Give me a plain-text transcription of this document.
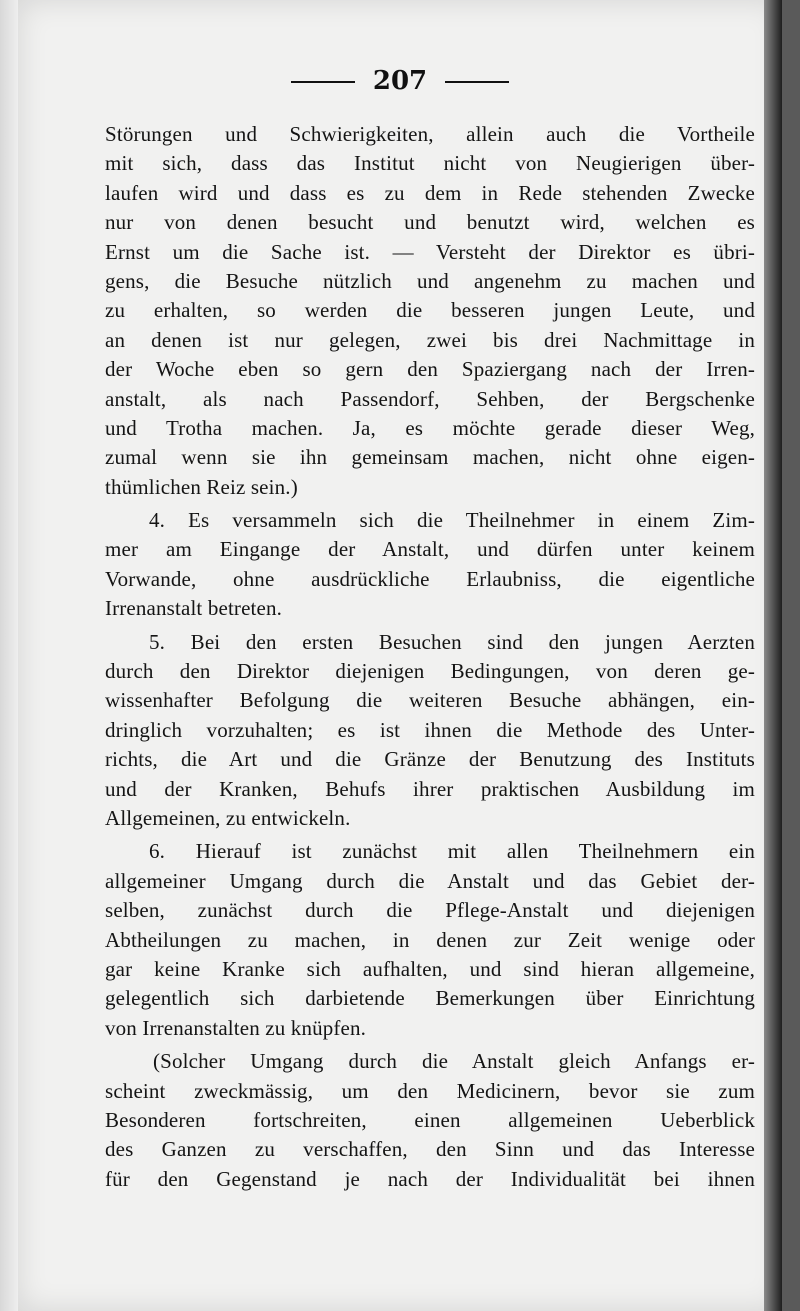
207
Störungen und Schwierigkeiten, allein auch die Vortheile
mit sich, dass das Institut nicht von Neugierigen über-
laufen wird und dass es zu dem in Rede stehenden Zwecke
nur von denen besucht und benutzt wird, welchen es
Ernst um die Sache ist. — Versteht der Direktor es übri-
gens, die Besuche nützlich und angenehm zu machen und
zu erhalten, so werden die besseren jungen Leute, und
an denen ist nur gelegen, zwei bis drei Nachmittage in
der Woche eben so gern den Spaziergang nach der Irren-
anstalt, als nach Passendorf, Sehben, der Bergschenke
und Trotha machen. Ja, es möchte gerade dieser Weg,
zumal wenn sie ihn gemeinsam machen, nicht ohne eigen-
thümlichen Reiz sein.)
4. Es versammeln sich die Theilnehmer in einem Zim-
mer am Eingange der Anstalt, und dürfen unter keinem
Vorwande, ohne ausdrückliche Erlaubniss, die eigentliche
Irrenanstalt betreten.
5. Bei den ersten Besuchen sind den jungen Aerzten
durch den Direktor diejenigen Bedingungen, von deren ge-
wissenhafter Befolgung die weiteren Besuche abhängen, ein-
dringlich vorzuhalten; es ist ihnen die Methode des Unter-
richts, die Art und die Gränze der Benutzung des Instituts
und der Kranken, Behufs ihrer praktischen Ausbildung im
Allgemeinen, zu entwickeln.
6. Hierauf ist zunächst mit allen Theilnehmern ein
allgemeiner Umgang durch die Anstalt und das Gebiet der-
selben, zunächst durch die Pflege-Anstalt und diejenigen
Abtheilungen zu machen, in denen zur Zeit wenige oder
gar keine Kranke sich aufhalten, und sind hieran allgemeine,
gelegentlich sich darbietende Bemerkungen über Einrichtung
von Irrenanstalten zu knüpfen.
(Solcher Umgang durch die Anstalt gleich Anfangs er-
scheint zweckmässig, um den Medicinern, bevor sie zum
Besonderen fortschreiten, einen allgemeinen Ueberblick
des Ganzen zu verschaffen, den Sinn und das Interesse
für den Gegenstand je nach der Individualität bei ihnen
